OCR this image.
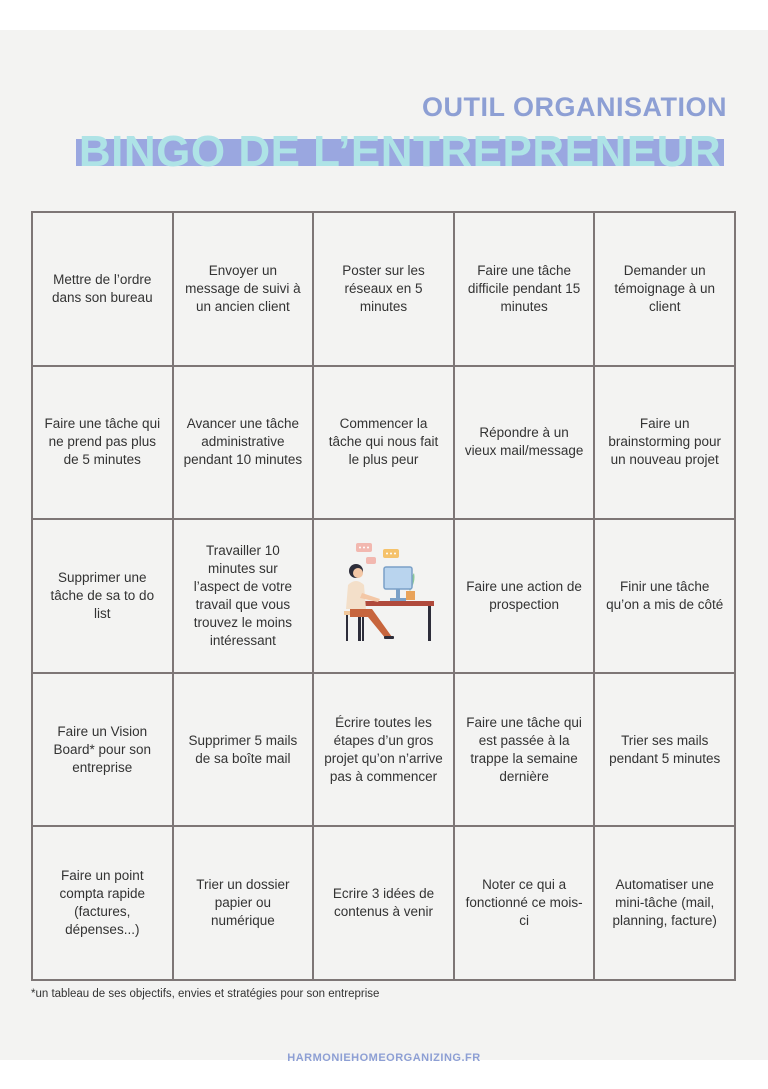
OUTIL ORGANISATION
BINGO DE L’ENTREPRENEUR
Mettre de l’ordre dans son bureau
Envoyer un message de suivi à un ancien client
Poster sur les réseaux en 5 minutes
Faire une tâche difficile pendant 15 minutes
Demander un témoignage à un client
Faire une tâche qui ne prend pas plus de 5 minutes
Avancer une tâche administrative pendant 10 minutes
Commencer la tâche qui nous fait le plus peur
Répondre à un vieux mail/message
Faire un brainstorming pour un nouveau projet
Supprimer une tâche de sa to do list
Travailler 10 minutes sur l’aspect de votre travail que vous trouvez le moins intéressant
Faire une action de prospection
Finir une tâche qu’on a mis de côté
Faire un Vision Board* pour son entreprise
Supprimer 5 mails de sa boîte mail
Écrire toutes les étapes d’un gros projet qu’on n’arrive pas à commencer
Faire une tâche qui est passée à la trappe la semaine dernière
Trier ses mails pendant 5 minutes
Faire un point compta rapide (factures, dépenses...)
Trier un dossier papier ou numérique
Ecrire 3 idées de contenus à venir
Noter ce qui a fonctionné ce mois-ci
Automatiser une mini-tâche (mail, planning, facture)
*un tableau de ses objectifs, envies et stratégies pour son entreprise
HARMONIEHOMEORGANIZING.FR
